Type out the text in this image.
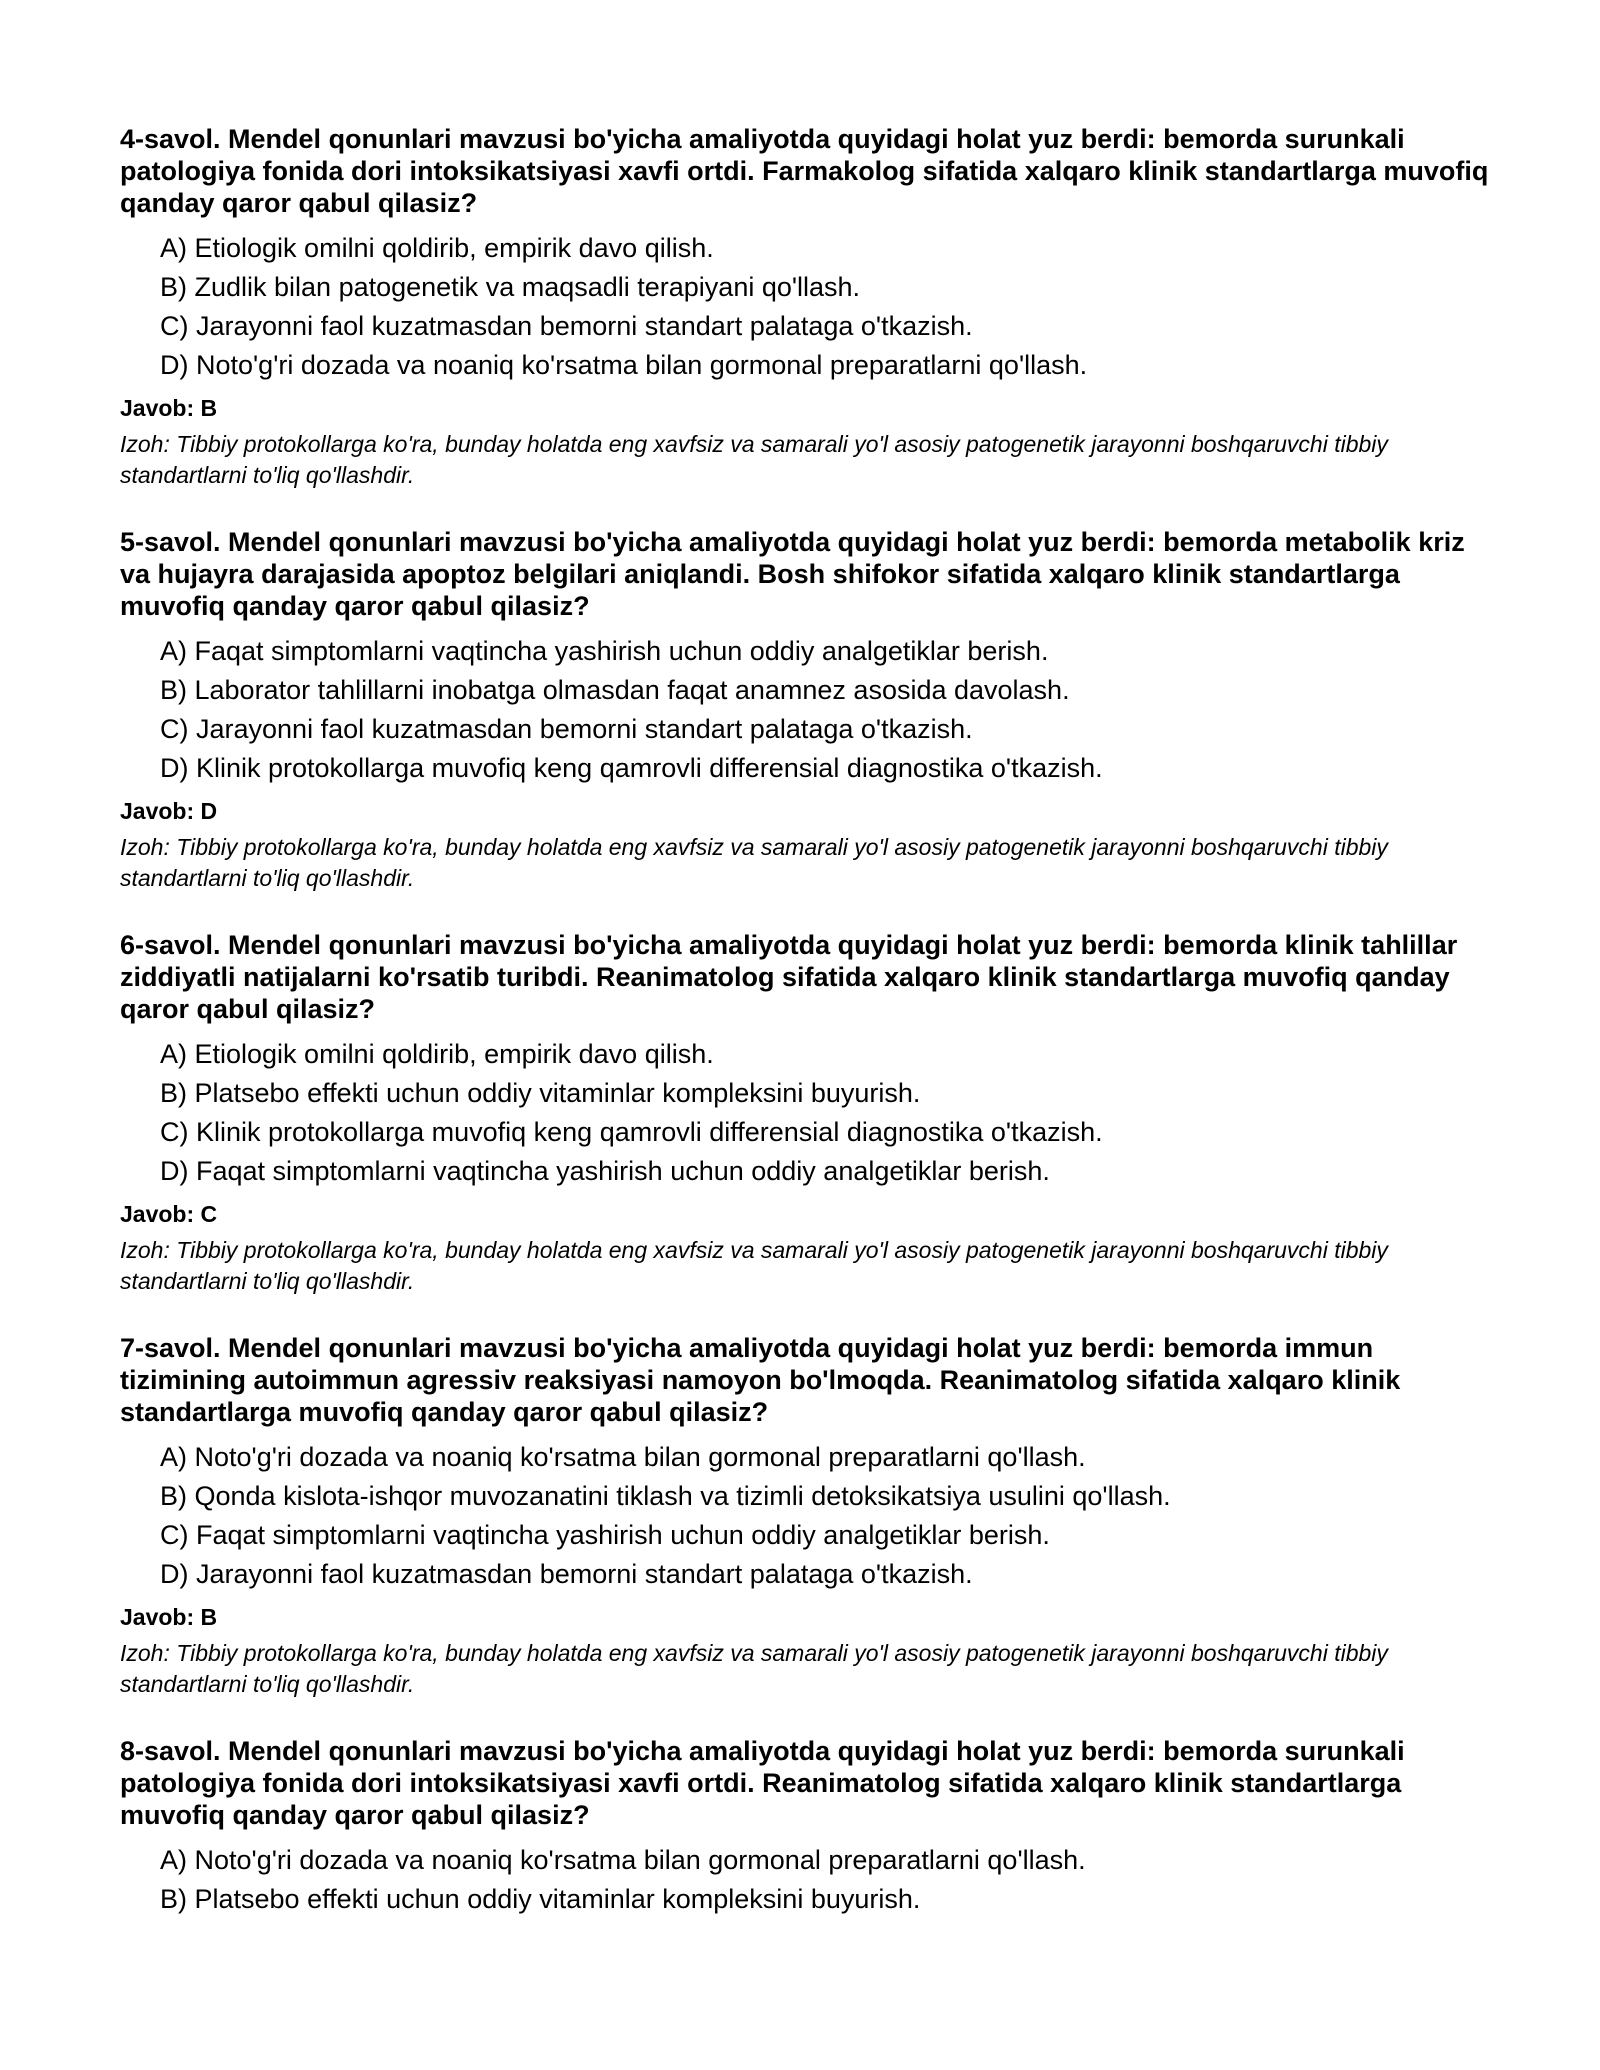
4-savol. Mendel qonunlari mavzusi bo'yicha amaliyotda quyidagi holat yuz berdi: bemorda surunkali patologiya fonida dori intoksikatsiyasi xavfi ortdi. Farmakolog sifatida xalqaro klinik standartlarga muvofiq qanday qaror qabul qilasiz?
A) Etiologik omilni qoldirib, empirik davo qilish.
B) Zudlik bilan patogenetik va maqsadli terapiyani qo'llash.
C) Jarayonni faol kuzatmasdan bemorni standart palataga o'tkazish.
D) Noto'g'ri dozada va noaniq ko'rsatma bilan gormonal preparatlarni qo'llash.
Javob: B
Izoh: Tibbiy protokollarga ko'ra, bunday holatda eng xavfsiz va samarali yo'l asosiy patogenetik jarayonni boshqaruvchi tibbiy standartlarni to'liq qo'llashdir.
5-savol. Mendel qonunlari mavzusi bo'yicha amaliyotda quyidagi holat yuz berdi: bemorda metabolik kriz va hujayra darajasida apoptoz belgilari aniqlandi. Bosh shifokor sifatida xalqaro klinik standartlarga muvofiq qanday qaror qabul qilasiz?
A) Faqat simptomlarni vaqtincha yashirish uchun oddiy analgetiklar berish.
B) Laborator tahlillarni inobatga olmasdan faqat anamnez asosida davolash.
C) Jarayonni faol kuzatmasdan bemorni standart palataga o'tkazish.
D) Klinik protokollarga muvofiq keng qamrovli differensial diagnostika o'tkazish.
Javob: D
Izoh: Tibbiy protokollarga ko'ra, bunday holatda eng xavfsiz va samarali yo'l asosiy patogenetik jarayonni boshqaruvchi tibbiy standartlarni to'liq qo'llashdir.
6-savol. Mendel qonunlari mavzusi bo'yicha amaliyotda quyidagi holat yuz berdi: bemorda klinik tahlillar ziddiyatli natijalarni ko'rsatib turibdi. Reanimatolog sifatida xalqaro klinik standartlarga muvofiq qanday qaror qabul qilasiz?
A) Etiologik omilni qoldirib, empirik davo qilish.
B) Platsebo effekti uchun oddiy vitaminlar kompleksini buyurish.
C) Klinik protokollarga muvofiq keng qamrovli differensial diagnostika o'tkazish.
D) Faqat simptomlarni vaqtincha yashirish uchun oddiy analgetiklar berish.
Javob: C
Izoh: Tibbiy protokollarga ko'ra, bunday holatda eng xavfsiz va samarali yo'l asosiy patogenetik jarayonni boshqaruvchi tibbiy standartlarni to'liq qo'llashdir.
7-savol. Mendel qonunlari mavzusi bo'yicha amaliyotda quyidagi holat yuz berdi: bemorda immun tizimining autoimmun agressiv reaksiyasi namoyon bo'lmoqda. Reanimatolog sifatida xalqaro klinik standartlarga muvofiq qanday qaror qabul qilasiz?
A) Noto'g'ri dozada va noaniq ko'rsatma bilan gormonal preparatlarni qo'llash.
B) Qonda kislota-ishqor muvozanatini tiklash va tizimli detoksikatsiya usulini qo'llash.
C) Faqat simptomlarni vaqtincha yashirish uchun oddiy analgetiklar berish.
D) Jarayonni faol kuzatmasdan bemorni standart palataga o'tkazish.
Javob: B
Izoh: Tibbiy protokollarga ko'ra, bunday holatda eng xavfsiz va samarali yo'l asosiy patogenetik jarayonni boshqaruvchi tibbiy standartlarni to'liq qo'llashdir.
8-savol. Mendel qonunlari mavzusi bo'yicha amaliyotda quyidagi holat yuz berdi: bemorda surunkali patologiya fonida dori intoksikatsiyasi xavfi ortdi. Reanimatolog sifatida xalqaro klinik standartlarga muvofiq qanday qaror qabul qilasiz?
A) Noto'g'ri dozada va noaniq ko'rsatma bilan gormonal preparatlarni qo'llash.
B) Platsebo effekti uchun oddiy vitaminlar kompleksini buyurish.
